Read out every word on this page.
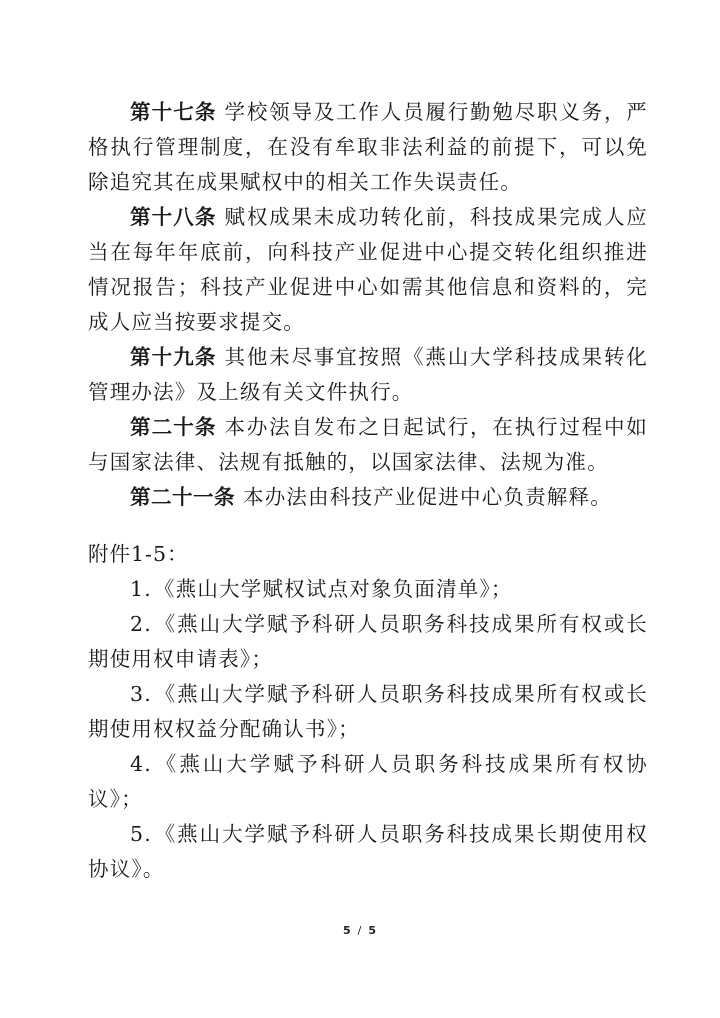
第十七条 学校领导及工作人员履行勤勉尽职义务，严格执行管理制度，在没有牟取非法利益的前提下，可以免除追究其在成果赋权中的相关工作失误责任。

第十八条 赋权成果未成功转化前，科技成果完成人应当在每年年底前，向科技产业促进中心提交转化组织推进情况报告；科技产业促进中心如需其他信息和资料的，完成人应当按要求提交。

第十九条 其他未尽事宜按照《燕山大学科技成果转化管理办法》及上级有关文件执行。

第二十条 本办法自发布之日起试行，在执行过程中如与国家法律、法规有抵触的，以国家法律、法规为准。

第二十一条 本办法由科技产业促进中心负责解释。

附件1-5：

1.《燕山大学赋权试点对象负面清单》；

2.《燕山大学赋予科研人员职务科技成果所有权或长期使用权申请表》；

3.《燕山大学赋予科研人员职务科技成果所有权或长期使用权权益分配确认书》；

4.《燕山大学赋予科研人员职务科技成果所有权协议》；

5.《燕山大学赋予科研人员职务科技成果长期使用权协议》。

5 / 5
